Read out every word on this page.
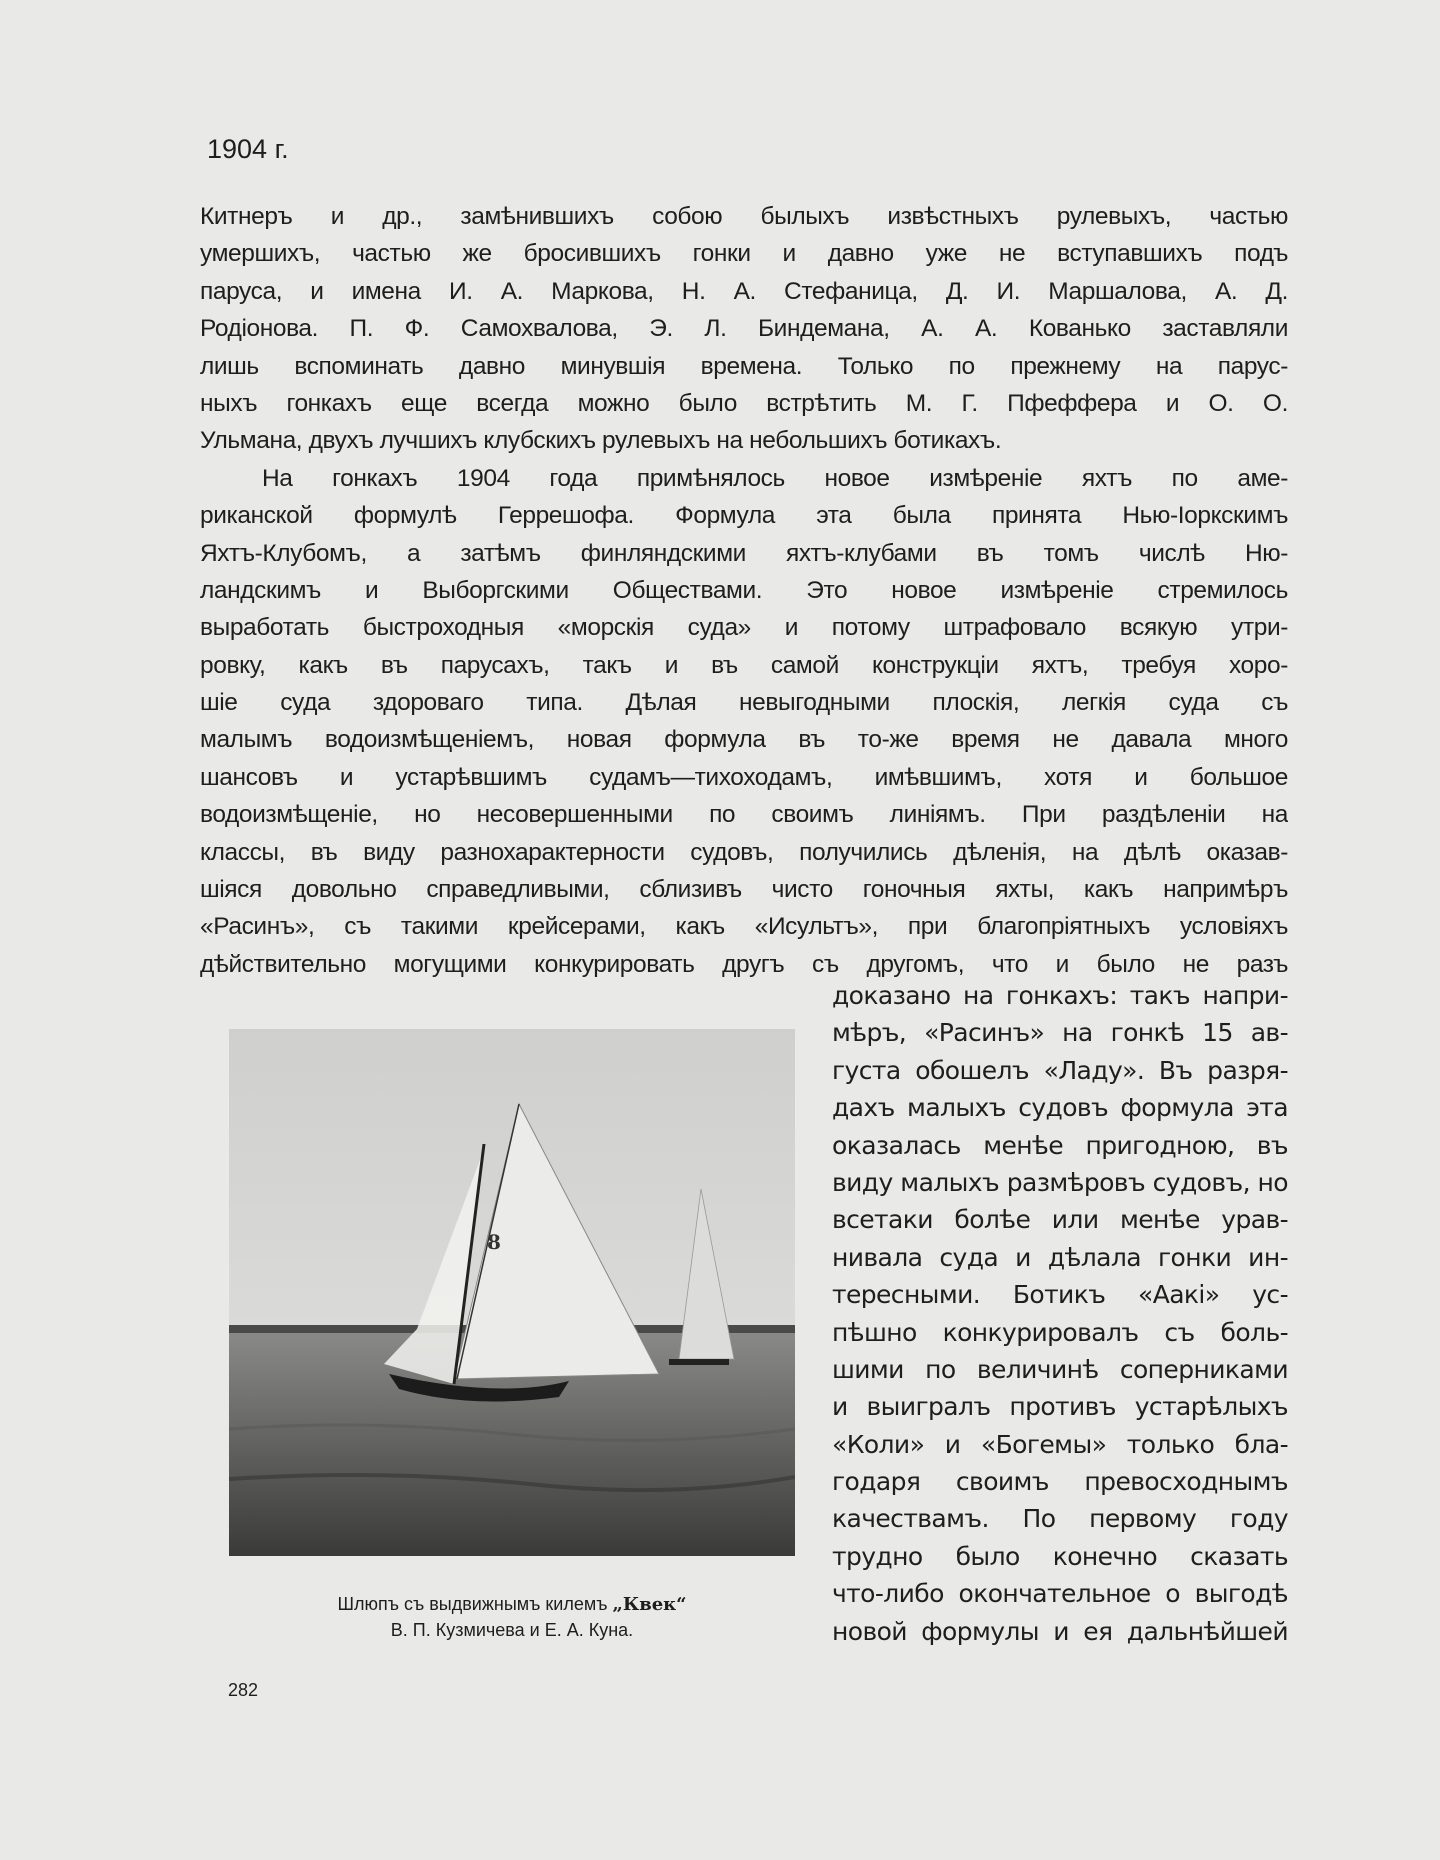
1904 г.
Китнеръ и др., замѣнившихъ собою былыхъ извѣстныхъ рулевыхъ, частью
умершихъ, частью же бросившихъ гонки и давно уже не вступавшихъ подъ
паруса, и имена И. А. Маркова, Н. А. Стефаница, Д. И. Маршалова, А. Д.
Родіонова. П. Ф. Самохвалова, Э. Л. Биндемана, А. А. Кованько заставляли
лишь вспоминать давно минувшія времена. Только по прежнему на парус-
ныхъ гонкахъ еще всегда можно было встрѣтить М. Г. Пфеффера и О. О.
Ульмана, двухъ лучшихъ клубскихъ рулевыхъ на небольшихъ ботикахъ.
На гонкахъ 1904 года примѣнялось новое измѣреніе яхтъ по аме-
риканской формулѣ Геррешофа. Формула эта была принята Нью-Іоркскимъ
Яхтъ-Клубомъ, а затѣмъ финляндскими яхтъ-клубами въ томъ числѣ Ню-
ландскимъ и Выборгскими Обществами. Это новое измѣреніе стремилось
выработать быстроходныя «морскія суда» и потому штрафовало всякую утри-
ровку, какъ въ парусахъ, такъ и въ самой конструкціи яхтъ, требуя хоро-
шіе суда здороваго типа. Дѣлая невыгодными плоскія, легкія суда съ
малымъ водоизмѣщеніемъ, новая формула въ то-же время не давала много
шансовъ и устарѣвшимъ судамъ—тихоходамъ, имѣвшимъ, хотя и большое
водоизмѣщеніе, но несовершенными по своимъ линіямъ. При раздѣленіи на
классы, въ виду разнохарактерности судовъ, получились дѣленія, на дѣлѣ оказав-
шіяся довольно справедливыми, сблизивъ чисто гоночныя яхты, какъ напримѣръ
«Расинъ», съ такими крейсерами, какъ «Исультъ», при благопріятныхъ условіяхъ
дѣйствительно могущими конкурировать другъ съ другомъ, что и было не разъ
доказано на гонкахъ: такъ напри-
мѣръ, «Расинъ» на гонкѣ 15 ав-
густа обошелъ «Ладу». Въ разря-
дахъ малыхъ судовъ формула эта
оказалась менѣе пригодною, въ
виду малыхъ размѣровъ судовъ, но
всетаки болѣе или менѣе урав-
нивала суда и дѣлала гонки ин-
тересными. Ботикъ «Аакі» ус-
пѣшно конкурировалъ съ боль-
шими по величинѣ соперниками
и выигралъ противъ устарѣлыхъ
«Коли» и «Богемы» только бла-
годаря своимъ превосходнымъ
качествамъ. По первому году
трудно было конечно сказать
что-либо окончательное о выгодѣ
новой формулы и ея дальнѣйшей
8
Шлюпъ съ выдвижнымъ килемъ „Квек“
В. П. Кузмичева и Е. А. Куна.
282
